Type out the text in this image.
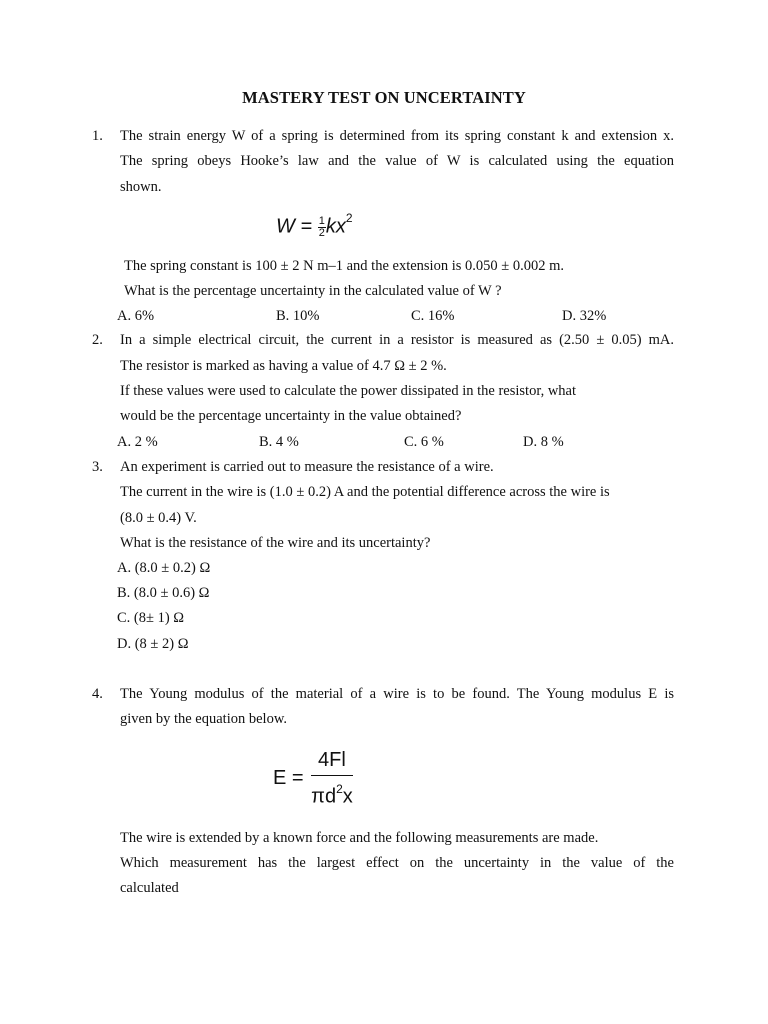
MASTERY TEST ON UNCERTAINTY
1. The strain energy W of a spring is determined from its spring constant k and extension x.
The spring obeys Hooke’s law and the value of W is calculated using the equation
shown.
$W = \frac{1}{2} kx^2$
The spring constant is 100 ± 2 N m–1 and the extension is 0.050 ± 0.002 m.
What is the percentage uncertainty in the calculated value of W ?
A. 6%	B. 10%	C. 16%	D. 32%
2. In a simple electrical circuit, the current in a resistor is measured as (2.50 ± 0.05) mA.
The resistor is marked as having a value of 4.7 Ω ± 2 %.
If these values were used to calculate the power dissipated in the resistor, what
would be the percentage uncertainty in the value obtained?
A. 2 %	B. 4 %	C. 6 %	D. 8 %
3. An experiment is carried out to measure the resistance of a wire.
The current in the wire is (1.0 ± 0.2) A and the potential difference across the wire is
(8.0 ± 0.4) V.
What is the resistance of the wire and its uncertainty?
A. (8.0 ± 0.2) Ω
B. (8.0 ± 0.6) Ω
C. (8± 1) Ω
D. (8 ± 2) Ω
4. The Young modulus of the material of a wire is to be found. The Young modulus E is
given by the equation below.
$E = \frac{4Fl}{\pi d^2x}$
The wire is extended by a known force and the following measurements are made.
Which measurement has the largest effect on the uncertainty in the value of the
calculated
